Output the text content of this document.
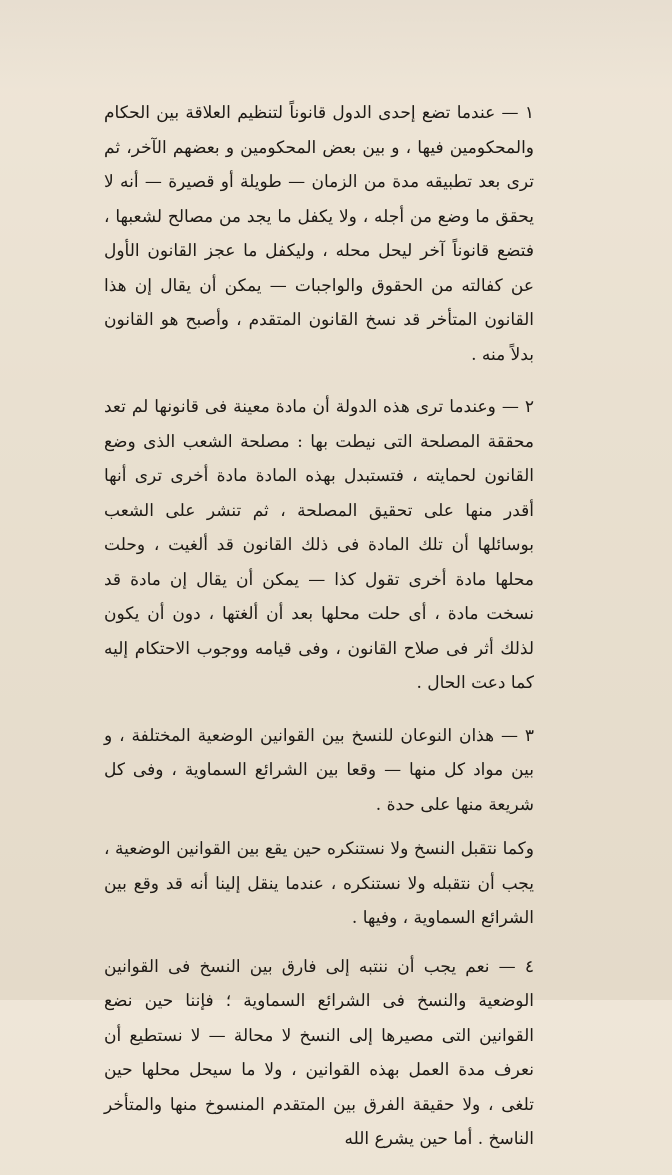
١ — عندما تضع إحدى الدول قانوناً لتنظيم العلاقة بين الحكام والمحكومين فيها ، و بين بعض المحكومين و بعضهم الآخر، ثم ترى بعد تطبيقه مدة من الزمان — طويلة أو قصيرة — أنه لا يحقق ما وضع من أجله ، ولا يكفل ما يجد من مصالح لشعبها ، فتضع قانوناً آخر ليحل محله ، وليكفل ما عجز القانون الأول عن كفالته من الحقوق والواجبات — يمكن أن يقال إن هذا القانون المتأخر قد نسخ القانون المتقدم ، وأصبح هو القانون بدلاً منه .

٢ — وعندما ترى هذه الدولة أن مادة معينة فى قانونها لم تعد محققة المصلحة التى نيطت بها : مصلحة الشعب الذى وضع القانون لحمايته ، فتستبدل بهذه المادة مادة أخرى ترى أنها أقدر منها على تحقيق المصلحة ، ثم تنشر على الشعب بوسائلها أن تلك المادة فى ذلك القانون قد ألغيت ، وحلت محلها مادة أخرى تقول كذا — يمكن أن يقال إن مادة قد نسخت مادة ، أى حلت محلها بعد أن ألغتها ، دون أن يكون لذلك أثر فى صلاح القانون ، وفى قيامه ووجوب الاحتكام إليه كما دعت الحال .

٣ — هذان النوعان للنسخ بين القوانين الوضعية المختلفة ، و بين مواد كل منها — وقعا بين الشرائع السماوية ، وفى كل شريعة منها على حدة .

وكما نتقبل النسخ ولا نستنكره حين يقع بين القوانين الوضعية ، يجب أن نتقبله ولا نستنكره ، عندما ينقل إلينا أنه قد وقع بين الشرائع السماوية ، وفيها .

٤ — نعم يجب أن ننتبه إلى فارق بين النسخ فى القوانين الوضعية والنسخ فى الشرائع السماوية ؛ فإننا حين نضع القوانين التى مصيرها إلى النسخ لا محالة — لا نستطيع أن نعرف مدة العمل بهذه القوانين ، ولا ما سيحل محلها حين تلغى ، ولا حقيقة الفرق بين المتقدم المنسوخ منها والمتأخر الناسخ . أما حين يشرع الله
